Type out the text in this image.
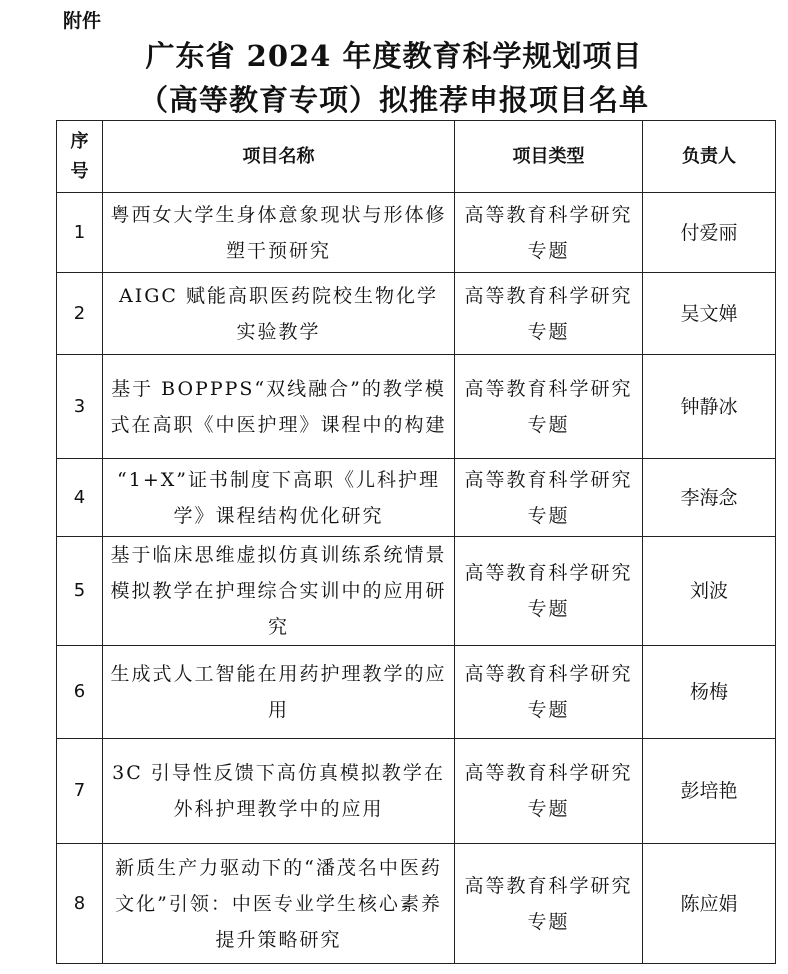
附件
广东省 2024 年度教育科学规划项目
（高等教育专项）拟推荐申报项目名单
序
号	项目名称	项目类型	负责人
1	粤西女大学生身体意象现状与形体修塑干预研究	高等教育科学研究专题	付爱丽
2	AIGC 赋能高职医药院校生物化学实验教学	高等教育科学研究专题	吴文婵
3	基于 BOPPPS“双线融合”的教学模式在高职《中医护理》课程中的构建	高等教育科学研究专题	钟静冰
4	“1+X”证书制度下高职《儿科护理学》课程结构优化研究	高等教育科学研究专题	李海念
5	基于临床思维虚拟仿真训练系统情景模拟教学在护理综合实训中的应用研究	高等教育科学研究专题	刘波
6	生成式人工智能在用药护理教学的应用	高等教育科学研究专题	杨梅
7	3C 引导性反馈下高仿真模拟教学在外科护理教学中的应用	高等教育科学研究专题	彭培艳
8	新质生产力驱动下的“潘茂名中医药文化”引领：中医专业学生核心素养提升策略研究	高等教育科学研究专题	陈应娟
